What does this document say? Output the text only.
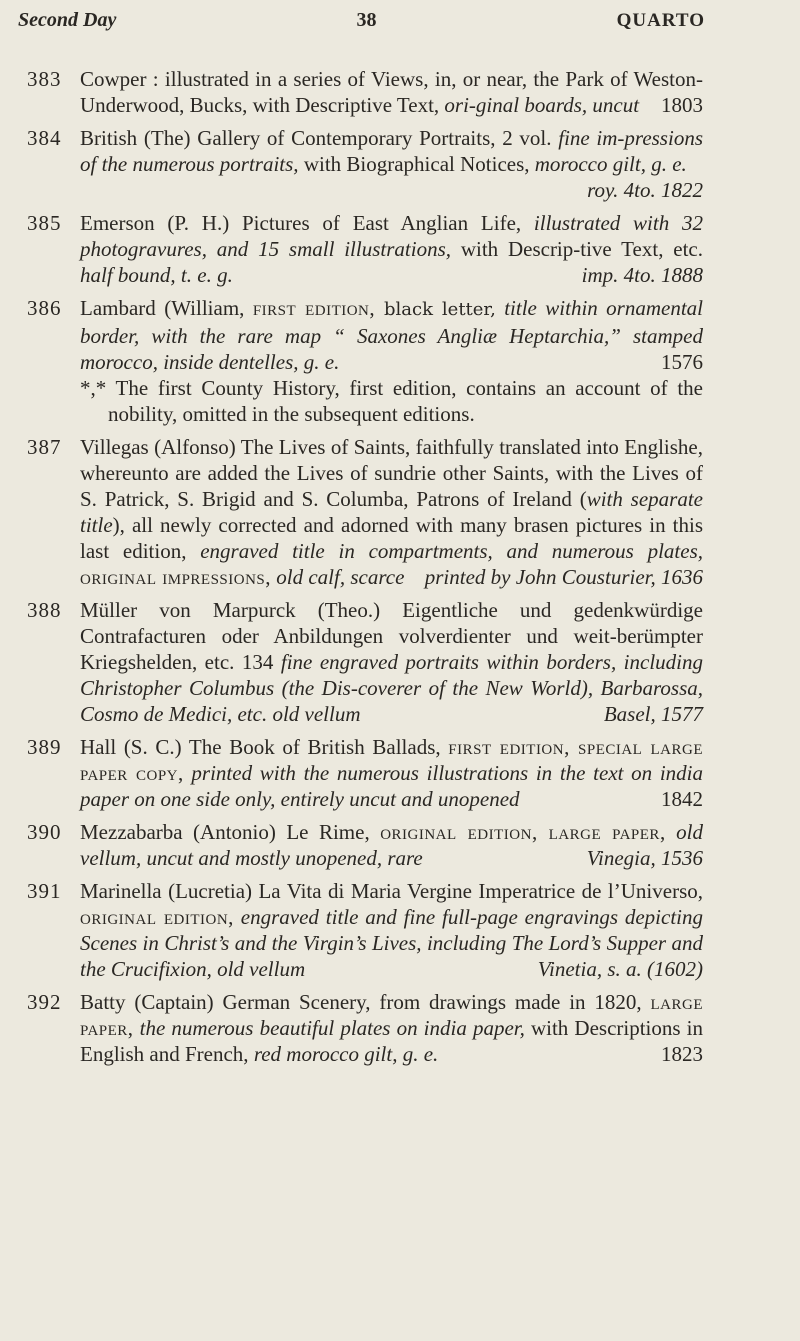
Second Day	38	QUARTO
383 Cowper : illustrated in a series of Views, in, or near, the Park of Weston-Underwood, Bucks, with Descriptive Text, ori-ginal boards, uncut	1803
384 British (The) Gallery of Contemporary Portraits, 2 vol. fine im-pressions of the numerous portraits, with Biographical Notices, morocco gilt, g. e.
roy. 4to. 1822
385 Emerson (P. H.) Pictures of East Anglian Life, illustrated with 32 photogravures, and 15 small illustrations, with Descrip-tive Text, etc. half bound, t. e. g.	imp. 4to. 1888
386 Lambard (William, first edition, black letter, title within ornamental border, with the rare map “ Saxones Angliæ Heptarchia,” stamped morocco, inside dentelles, g. e.	1576
*,* The first County History, first edition, contains an account of the nobility, omitted in the subsequent editions.
387 Villegas (Alfonso) The Lives of Saints, faithfully translated into Englishe, whereunto are added the Lives of sundrie other Saints, with the Lives of S. Patrick, S. Brigid and S. Columba, Patrons of Ireland (with separate title), all newly corrected and adorned with many brasen pictures in this last edition, engraved title in compartments, and numerous plates, original impressions, old calf, scarce printed by John Cousturier, 1636
388 Müller von Marpurck (Theo.) Eigentliche und gedenkwürdige Contrafacturen oder Anbildungen volverdienter und weit-berümpter Kriegshelden, etc. 134 fine engraved portraits within borders, including Christopher Columbus (the Dis-coverer of the New World), Barbarossa, Cosmo de Medici, etc. old vellum	Basel, 1577
389 Hall (S. C.) The Book of British Ballads, first edition, special large paper copy, printed with the numerous illustrations in the text on india paper on one side only, entirely uncut and unopened	1842
390 Mezzabarba (Antonio) Le Rime, original edition, large paper, old vellum, uncut and mostly unopened, rare	Vinegia, 1536
391 Marinella (Lucretia) La Vita di Maria Vergine Imperatrice de l’Universo, original edition, engraved title and fine full-page engravings depicting Scenes in Christ’s and the Virgin’s Lives, including The Lord’s Supper and the Crucifixion, old vellum	Vinetia, s. a. (1602)
392 Batty (Captain) German Scenery, from drawings made in 1820, large paper, the numerous beautiful plates on india paper, with Descriptions in English and French, red morocco gilt, g. e.	1823
